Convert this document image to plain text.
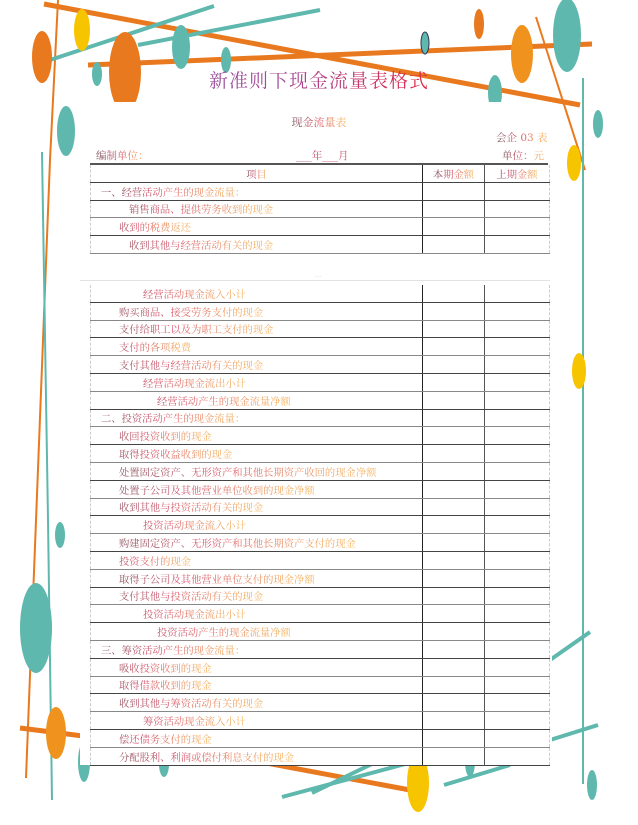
新准则下现金流量表格式
现金流量表
会企 03 表
编制单位：	___年___月	单位：元
项目	本期金额	上期金额
一、经营活动产生的现金流量：		
销售商品、提供劳务收到的现金		
收到的税费返还		
收到其他与经营活动有关的现金		
- -
经营活动现金流入小计		
购买商品、接受劳务支付的现金		
支付给职工以及为职工支付的现金		
支付的各项税费		
支付其他与经营活动有关的现金		
经营活动现金流出小计		
经营活动产生的现金流量净额		
二、投资活动产生的现金流量：		
收回投资收到的现金		
取得投资收益收到的现金		
处置固定资产、无形资产和其他长期资产收回的现金净额		
处置子公司及其他营业单位收到的现金净额		
收到其他与投资活动有关的现金		
投资活动现金流入小计		
购建固定资产、无形资产和其他长期资产支付的现金		
投资支付的现金		
取得子公司及其他营业单位支付的现金净额		
支付其他与投资活动有关的现金		
投资活动现金流出小计		
投资活动产生的现金流量净额		
三、筹资活动产生的现金流量：		
吸收投资收到的现金		
取得借款收到的现金		
收到其他与筹资活动有关的现金		
筹资活动现金流入小计		
偿还债务支付的现金		
分配股利、利润或偿付利息支付的现金		
